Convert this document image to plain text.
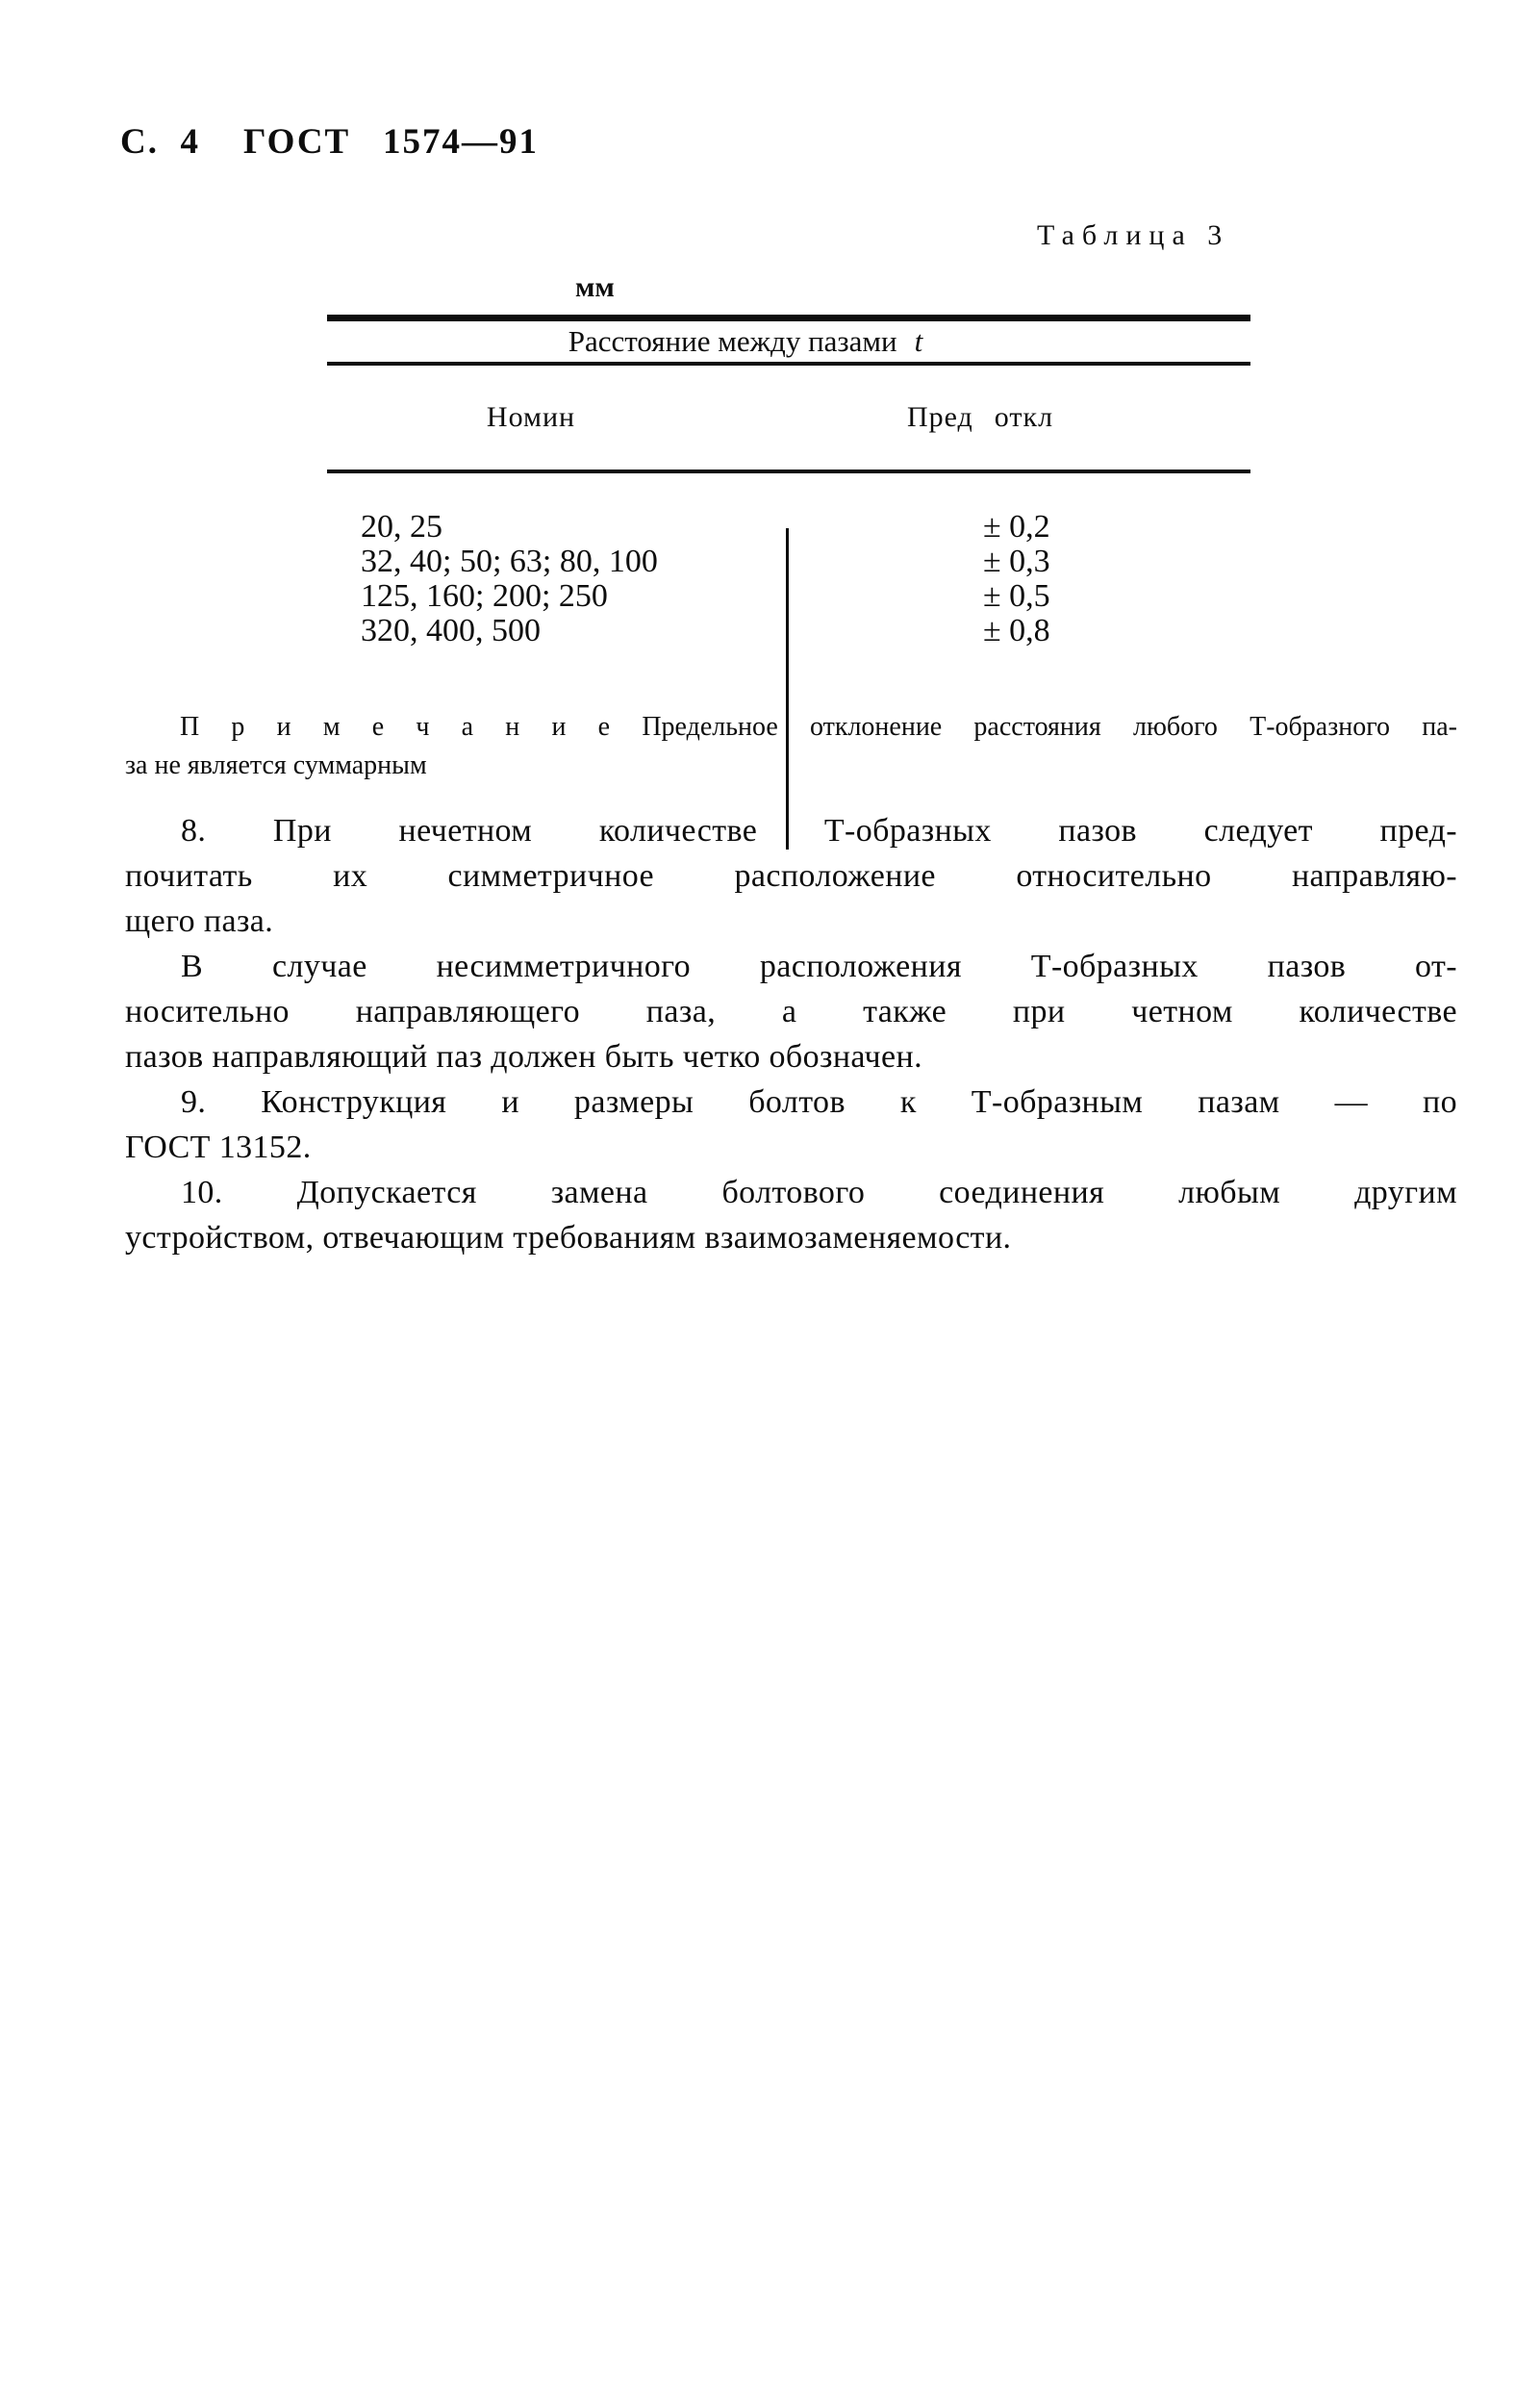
С.  4    ГОСТ   1574—91
Таблица 3
мм
Расстояние между пазами t
Номин	Пред откл
20, 25	± 0,2
32, 40; 50; 63; 80, 100	± 0,3
125, 160; 200; 250	± 0,5
320, 400, 500	± 0,8
П р и м е ч а н и е Предельное отклонение расстояния любого Т-образного па-
за не является суммарным
8. При нечетном количестве Т-образных пазов следует пред-
почитать их симметричное расположение относительно направляю-
щего паза.
В случае несимметричного расположения Т-образных пазов от-
носительно направляющего паза, а также при четном количестве
пазов направляющий паз должен быть четко обозначен.
9. Конструкция и размеры болтов к Т-образным пазам — по
ГОСТ 13152.
10. Допускается замена болтового соединения любым другим
устройством, отвечающим требованиям взаимозаменяемости.
